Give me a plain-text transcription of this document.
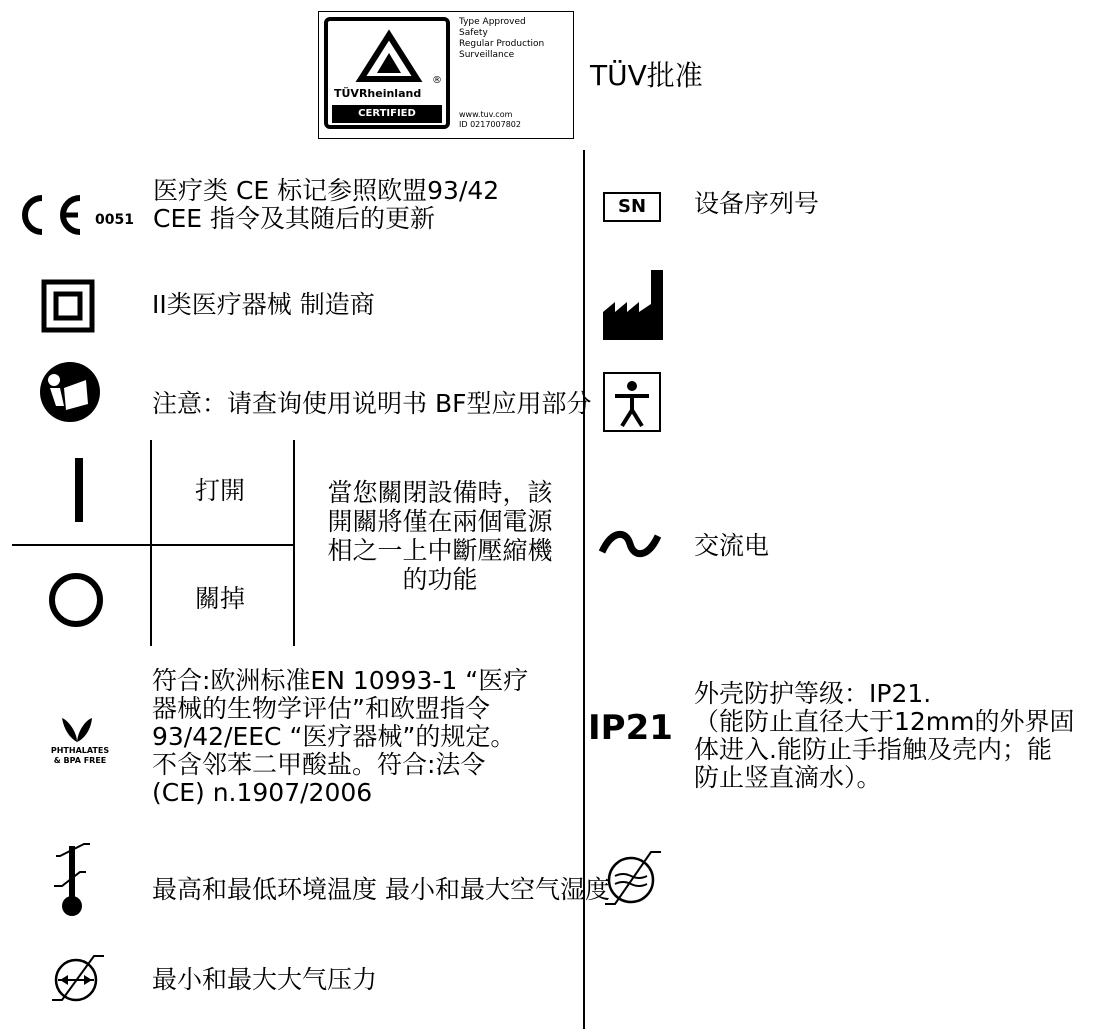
TÜVRheinland
®
CERTIFIED
Type Approved
Safety
Regular Production
Surveillance
www.tuv.com
ID 0217007802
TÜV批准
0051
医疗类 CE 标记参照欧盟93/42
CEE 指令及其随后的更新
II类医疗器械 制造商
注意：请查询使用说明书 BF型应用部分
打開
關掉
當您關閉設備時，該
開關將僅在兩個電源
相之一上中斷壓縮機
的功能
PHTHALATES
& BPA FREE
符合:欧洲标准EN 10993-1 “医疗
器械的生物学评估”和欧盟指令
93/42/EEC “医疗器械”的规定。
不含邻苯二甲酸盐。符合:法令
(CE) n.1907/2006
最高和最低环境温度 最小和最大空气湿度
最小和最大大气压力
SN	设备序列号
交流电
IP21
外壳防护等级：IP21.
（能防止直径大于12mm的外界固
体进入.能防止手指触及壳内；能
防止竖直滴水）。
